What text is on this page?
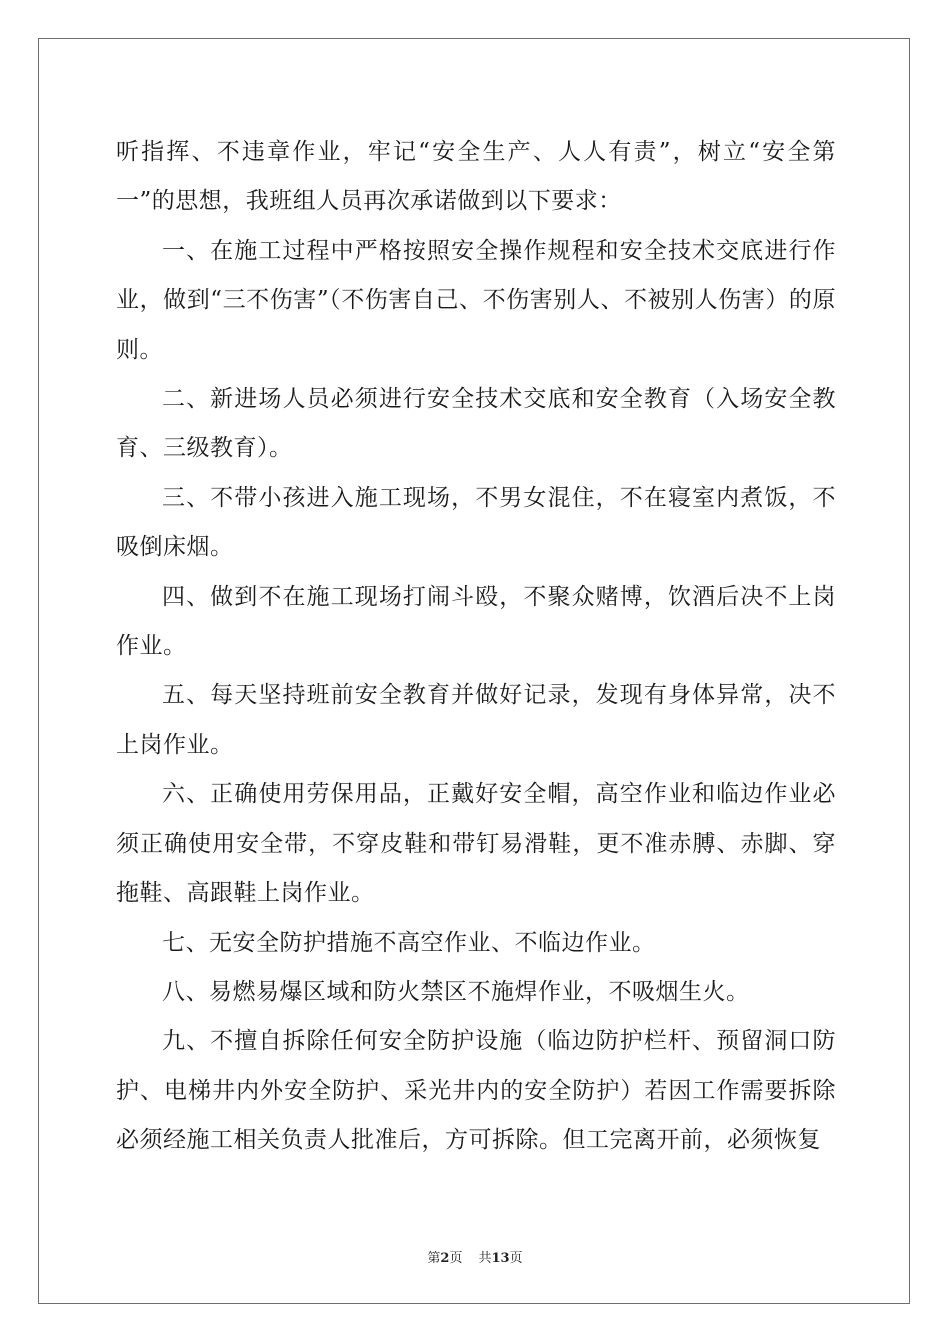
听指挥、不违章作业，牢记“安全生产、人人有责”，树立“安全第一”的思想，我班组人员再次承诺做到以下要求：

一、在施工过程中严格按照安全操作规程和安全技术交底进行作业，做到“三不伤害”（不伤害自己、不伤害别人、不被别人伤害）的原则。

二、新进场人员必须进行安全技术交底和安全教育（入场安全教育、三级教育）。

三、不带小孩进入施工现场，不男女混住，不在寝室内煮饭，不吸倒床烟。

四、做到不在施工现场打闹斗殴，不聚众赌博，饮酒后决不上岗作业。

五、每天坚持班前安全教育并做好记录，发现有身体异常，决不上岗作业。

六、正确使用劳保用品，正戴好安全帽，高空作业和临边作业必须正确使用安全带，不穿皮鞋和带钉易滑鞋，更不准赤膊、赤脚、穿拖鞋、高跟鞋上岗作业。

七、无安全防护措施不高空作业、不临边作业。

八、易燃易爆区域和防火禁区不施焊作业，不吸烟生火。

九、不擅自拆除任何安全防护设施（临边防护栏杆、预留洞口防护、电梯井内外安全防护、采光井内的安全防护）若因工作需要拆除必须经施工相关负责人批准后，方可拆除。但工完离开前，必须恢复

第2页 共13页
